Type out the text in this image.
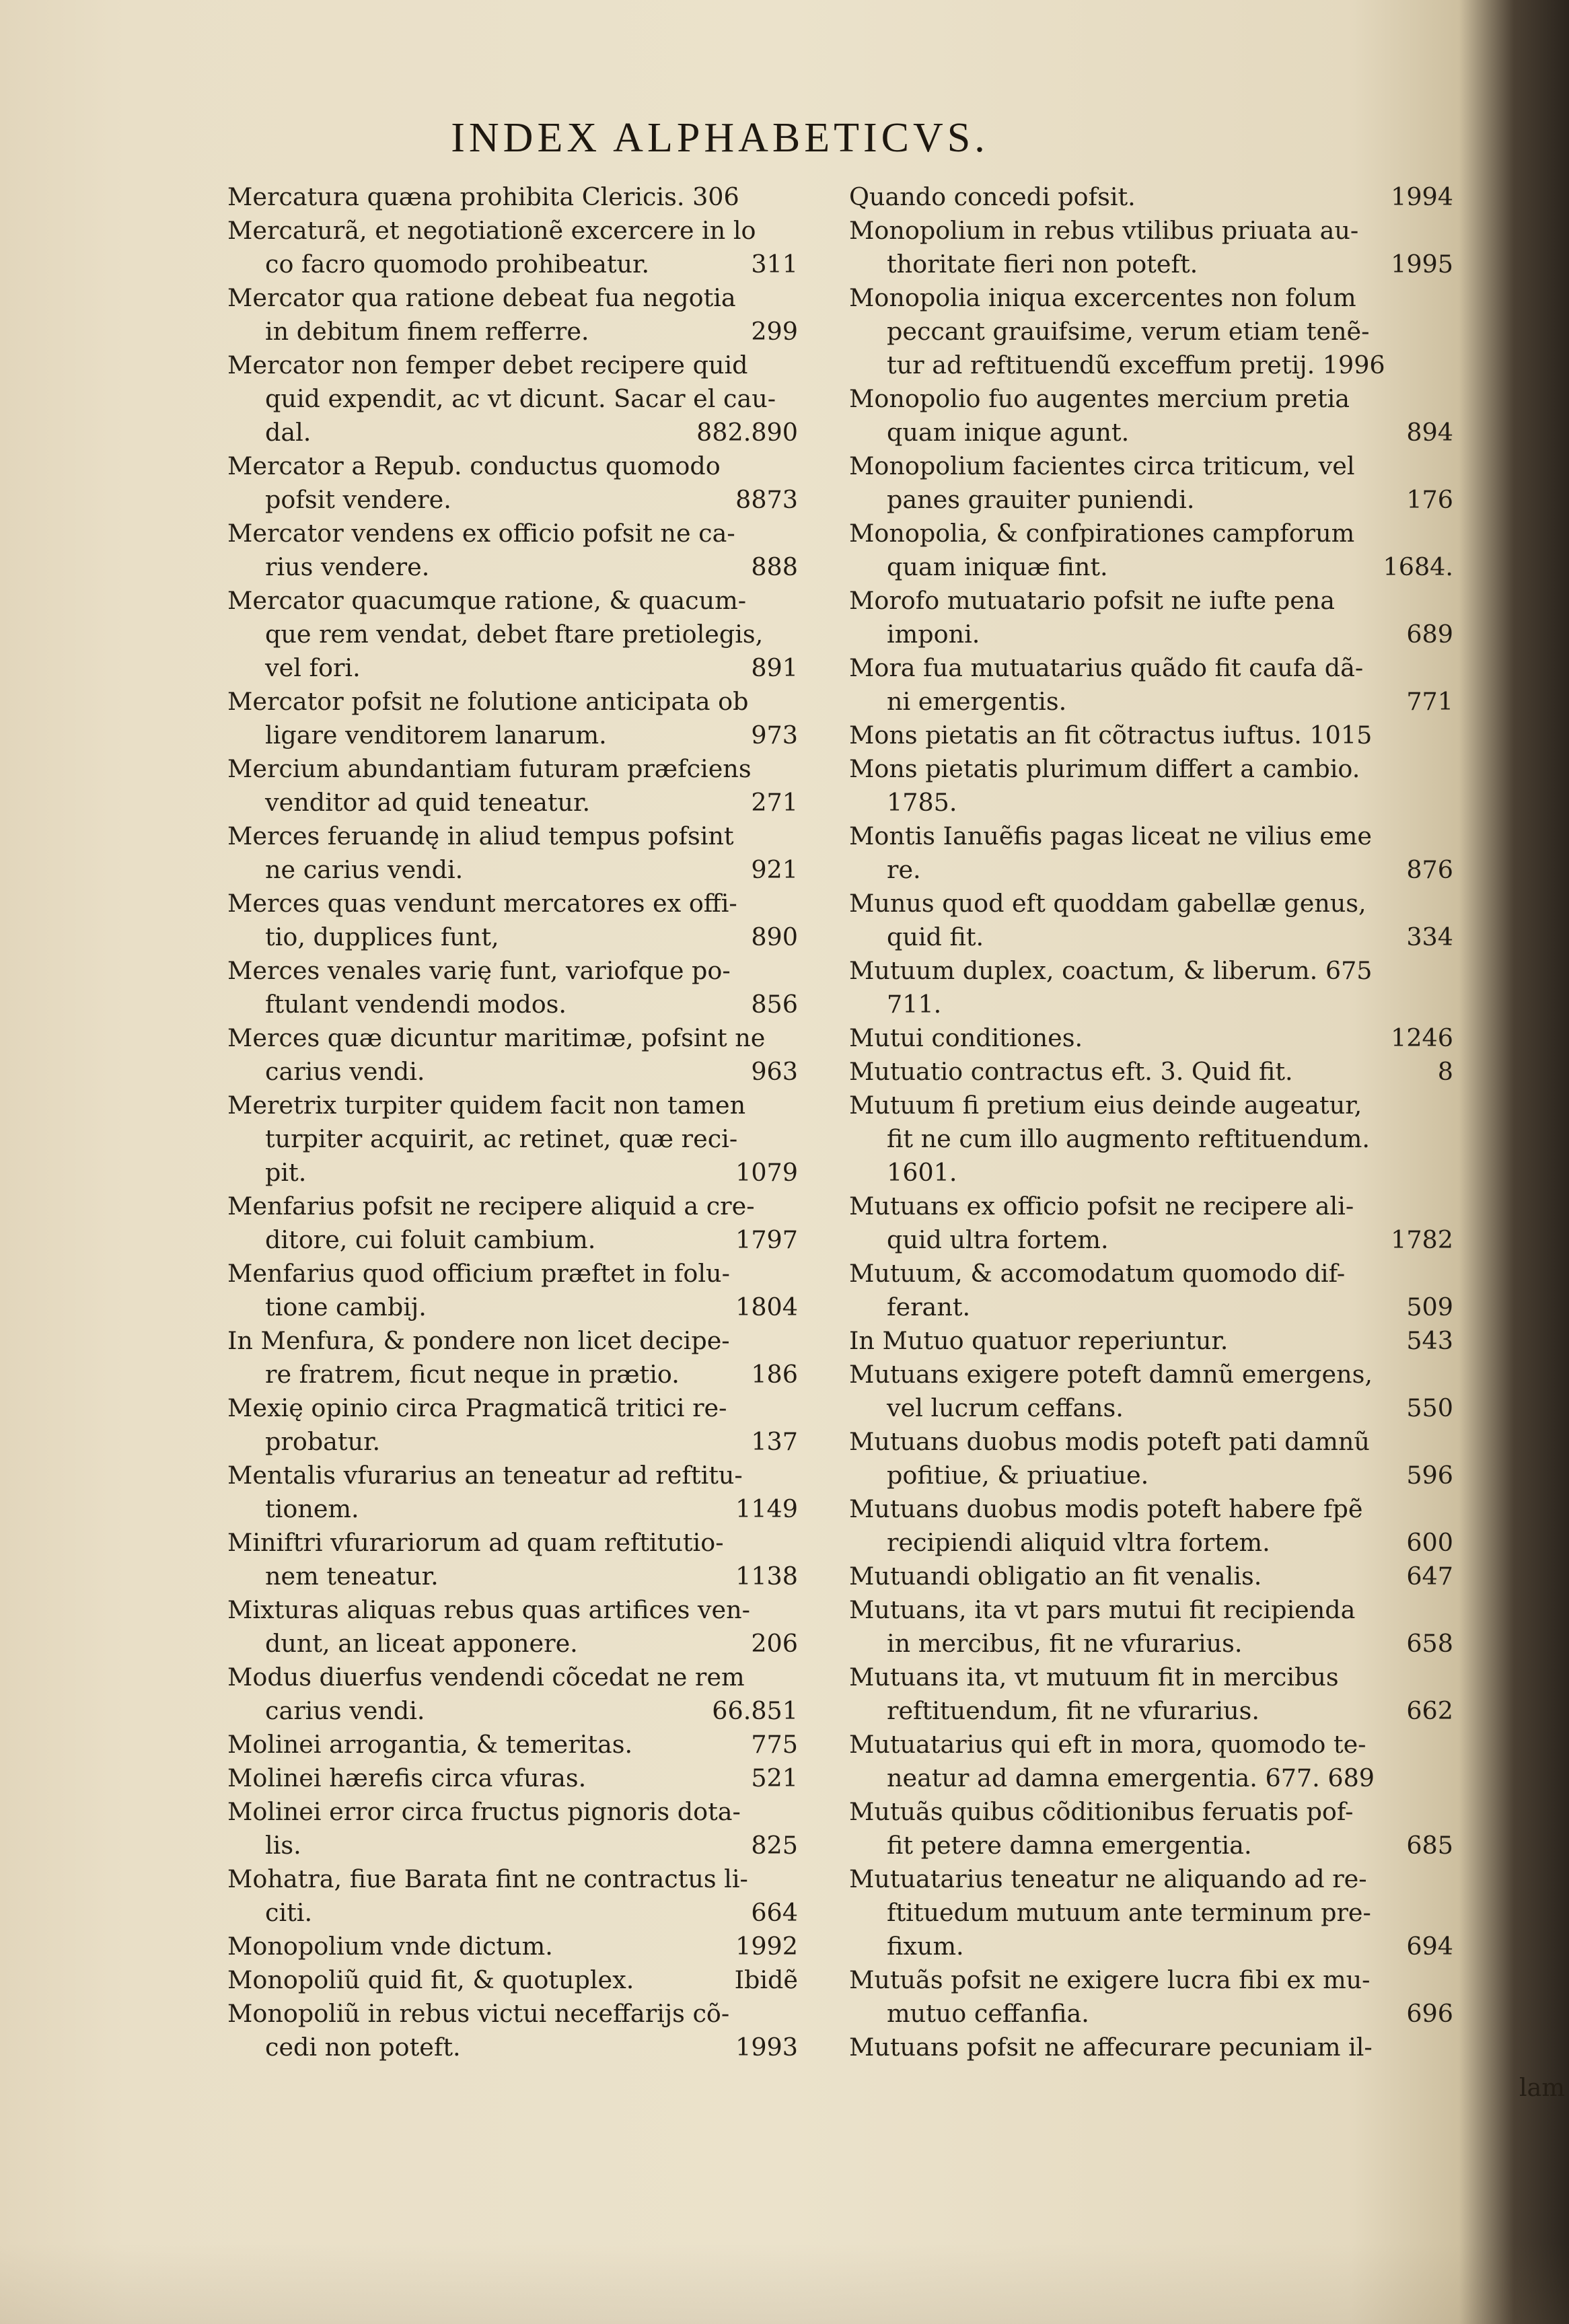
INDEX ALPHABETICVS.
Mercatura quæna prohibita Clericis. 306
Mercaturã, et negotiationẽ excercere in lo
co facro quomodo prohibeatur.	311
Mercator qua ratione debeat fua negotia
in debitum finem refferre.	299
Mercator non femper debet recipere quid
quid expendit, ac vt dicunt. Sacar el cau-
dal.	882.890
Mercator a Repub. conductus quomodo
pofsit vendere.	8873
Mercator vendens ex officio pofsit ne ca-
rius vendere.	888
Mercator quacumque ratione, & quacum-
que rem vendat, debet ftare pretiolegis,
vel fori.	891
Mercator pofsit ne folutione anticipata ob
ligare venditorem lanarum.	973
Mercium abundantiam futuram præfciens
venditor ad quid teneatur.	271
Merces feruandę in aliud tempus pofsint
ne carius vendi.	921
Merces quas vendunt mercatores ex offi-
tio, dupplices funt,	890
Merces venales varię funt, variofque po-
ftulant vendendi modos.	856
Merces quæ dicuntur maritimæ, pofsint ne
carius vendi.	963
Meretrix turpiter quidem facit non tamen
turpiter acquirit, ac retinet, quæ reci-
pit.	1079
Menfarius pofsit ne recipere aliquid a cre-
ditore, cui foluit cambium.	1797
Menfarius quod officium præftet in folu-
tione cambij.	1804
In Menfura, & pondere non licet decipe-
re fratrem, ficut neque in prætio.	186
Mexię opinio circa Pragmaticã tritici re-
probatur.	137
Mentalis vfurarius an teneatur ad reftitu-
tionem.	1149
Miniftri vfurariorum ad quam reftitutio-
nem teneatur.	1138
Mixturas aliquas rebus quas artifices ven-
dunt, an liceat apponere.	206
Modus diuerfus vendendi cõcedat ne rem
carius vendi.	66.851
Molinei arrogantia, & temeritas.	775
Molinei hærefis circa vfuras.	521
Molinei error circa fructus pignoris dota-
lis.	825
Mohatra, fiue Barata fint ne contractus li-
citi.	664
Monopolium vnde dictum.	1992
Monopoliũ quid fit, & quotuplex.	Ibidẽ
Monopoliũ in rebus victui neceffarijs cõ-
cedi non poteft.	1993
Quando concedi pofsit.	1994
Monopolium in rebus vtilibus priuata au-
thoritate fieri non poteft.	1995
Monopolia iniqua excercentes non folum
peccant grauifsime, verum etiam tenẽ-
tur ad reftituendũ exceffum pretij. 1996
Monopolio fuo augentes mercium pretia
quam inique agunt.	894
Monopolium facientes circa triticum, vel
panes grauiter puniendi.	176
Monopolia, & confpirationes campforum
quam iniquæ fint.	1684.
Morofo mutuatario pofsit ne iufte pena
imponi.	689
Mora fua mutuatarius quãdo fit caufa dã-
ni emergentis.	771
Mons pietatis an fit cõtractus iuftus. 1015
Mons pietatis plurimum differt a cambio.
1785.
Montis Ianuẽfis pagas liceat ne vilius eme
re.	876
Munus quod eft quoddam gabellæ genus,
quid fit.	334
Mutuum duplex, coactum, & liberum. 675
711.
Mutui conditiones.	1246
Mutuatio contractus eft. 3. Quid fit.	8
Mutuum fi pretium eius deinde augeatur,
fit ne cum illo augmento reftituendum.
1601.
Mutuans ex officio pofsit ne recipere ali-
quid ultra fortem.	1782
Mutuum, & accomodatum quomodo dif-
ferant.	509
In Mutuo quatuor reperiuntur.	543
Mutuans exigere poteft damnũ emergens,
vel lucrum ceffans.	550
Mutuans duobus modis poteft pati damnũ
pofitiue, & priuatiue.	596
Mutuans duobus modis poteft habere fpẽ
recipiendi aliquid vltra fortem.	600
Mutuandi obligatio an fit venalis.	647
Mutuans, ita vt pars mutui fit recipienda
in mercibus, fit ne vfurarius.	658
Mutuans ita, vt mutuum fit in mercibus
reftituendum, fit ne vfurarius.	662
Mutuatarius qui eft in mora, quomodo te-
neatur ad damna emergentia. 677. 689
Mutuãs quibus cõditionibus feruatis pof-
fit petere damna emergentia.	685
Mutuatarius teneatur ne aliquando ad re-
ftituedum mutuum ante terminum pre-
fixum.	694
Mutuãs pofsit ne exigere lucra fibi ex mu-
mutuo ceffanfia.	696
Mutuans pofsit ne affecurare pecuniam il-
lam
